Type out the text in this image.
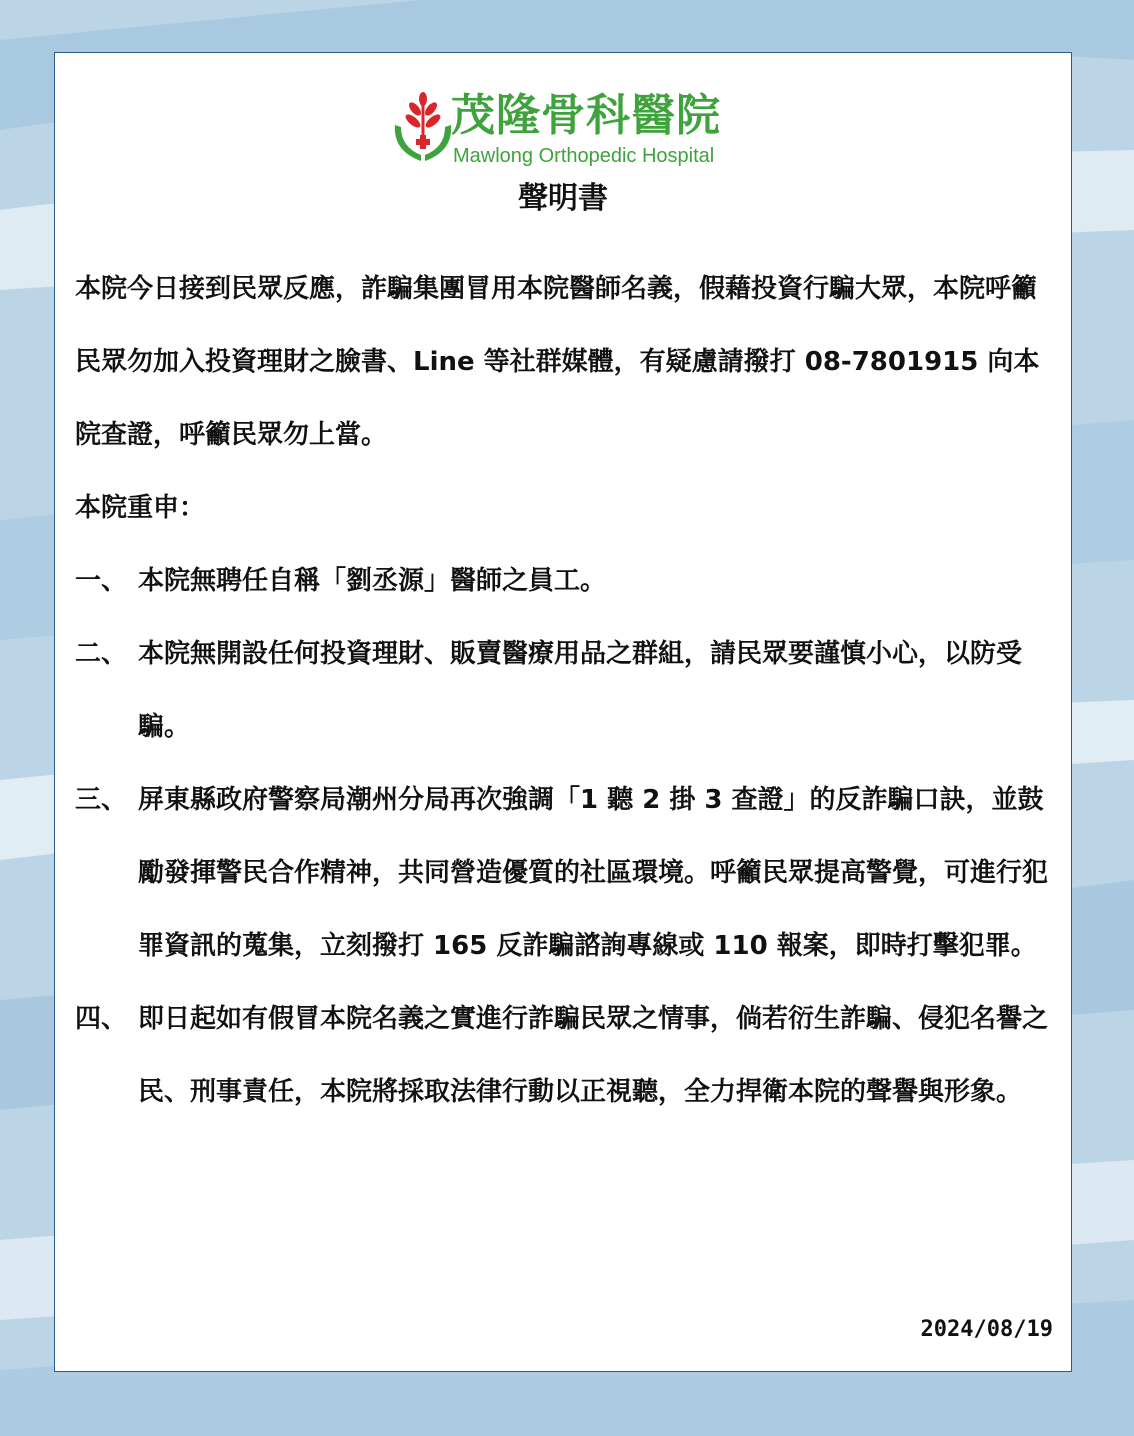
茂隆骨科醫院
Mawlong Orthopedic Hospital
聲明書

本院今日接到民眾反應，詐騙集團冒用本院醫師名義，假藉投資行騙大眾，本院呼籲民眾勿加入投資理財之臉書、Line 等社群媒體，有疑慮請撥打 08-7801915 向本院查證，呼籲民眾勿上當。

本院重申：

一、 本院無聘任自稱「劉丞源」醫師之員工。

二、 本院無開設任何投資理財、販賣醫療用品之群組，請民眾要謹慎小心，以防受騙。

三、 屏東縣政府警察局潮州分局再次強調「1 聽 2 掛 3 查證」的反詐騙口訣，並鼓勵發揮警民合作精神，共同營造優質的社區環境。呼籲民眾提高警覺，可進行犯罪資訊的蒐集，立刻撥打 165 反詐騙諮詢專線或 110 報案，即時打擊犯罪。

四、 即日起如有假冒本院名義之實進行詐騙民眾之情事，倘若衍生詐騙、侵犯名譽之民、刑事責任，本院將採取法律行動以正視聽，全力捍衛本院的聲譽與形象。

2024/08/19
